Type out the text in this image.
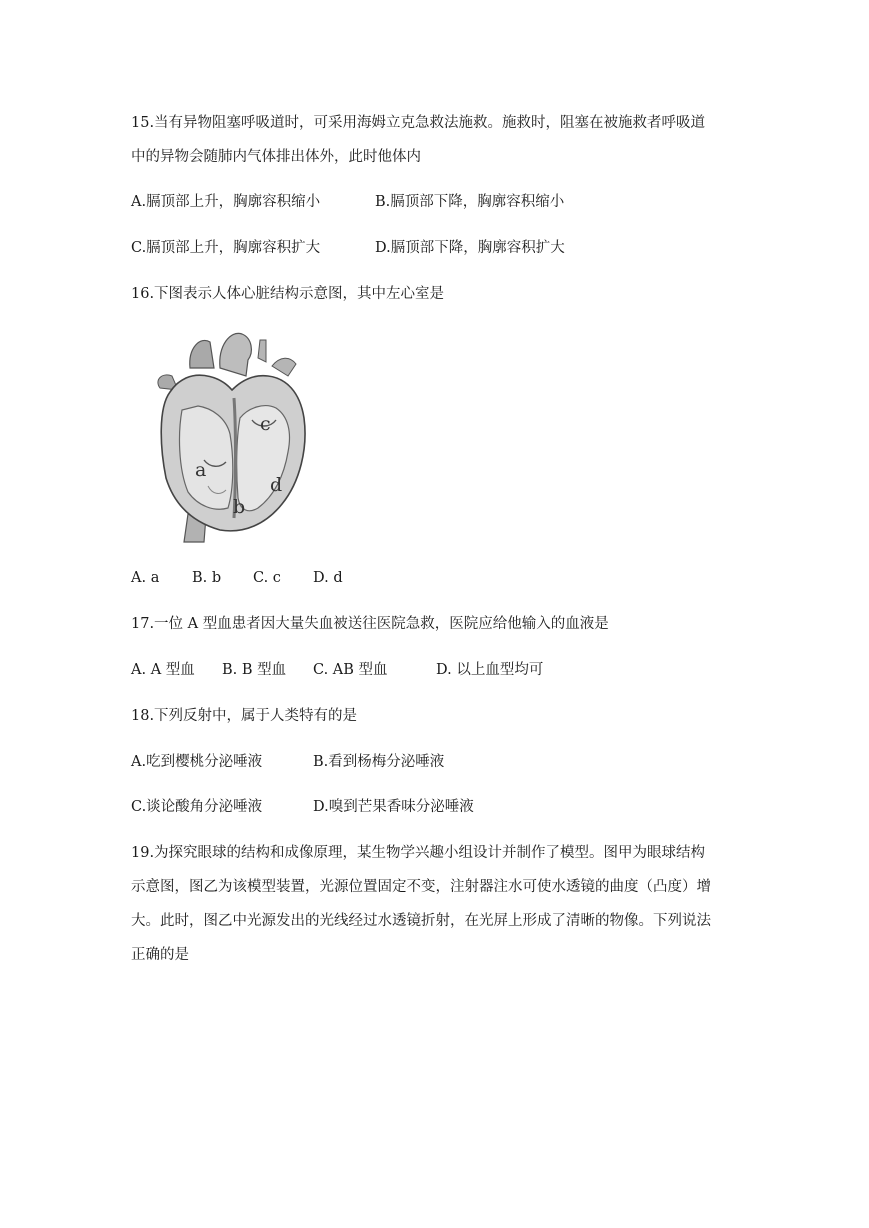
15.当有异物阻塞呼吸道时，可采用海姆立克急救法施救。施救时，阻塞在被施救者呼吸道
中的异物会随肺内气体排出体外，此时他体内
A.膈顶部上升，胸廓容积缩小	B.膈顶部下降，胸廓容积缩小
C.膈顶部上升，胸廓容积扩大	D.膈顶部下降，胸廓容积扩大
16.下图表示人体心脏结构示意图，其中左心室是
a
b
c
d
A. a B. b C. c D. d
17.一位 A 型血患者因大量失血被送往医院急救，医院应给他输入的血液是
A. A 型血 B. B 型血 C. AB 型血	D. 以上血型均可
18.下列反射中，属于人类特有的是
A.吃到樱桃分泌唾液	B.看到杨梅分泌唾液
C.谈论酸角分泌唾液	D.嗅到芒果香味分泌唾液
19.为探究眼球的结构和成像原理，某生物学兴趣小组设计并制作了模型。图甲为眼球结构
示意图，图乙为该模型装置，光源位置固定不变，注射器注水可使水透镜的曲度（凸度）增
大。此时，图乙中光源发出的光线经过水透镜折射，在光屏上形成了清晰的物像。下列说法
正确的是
